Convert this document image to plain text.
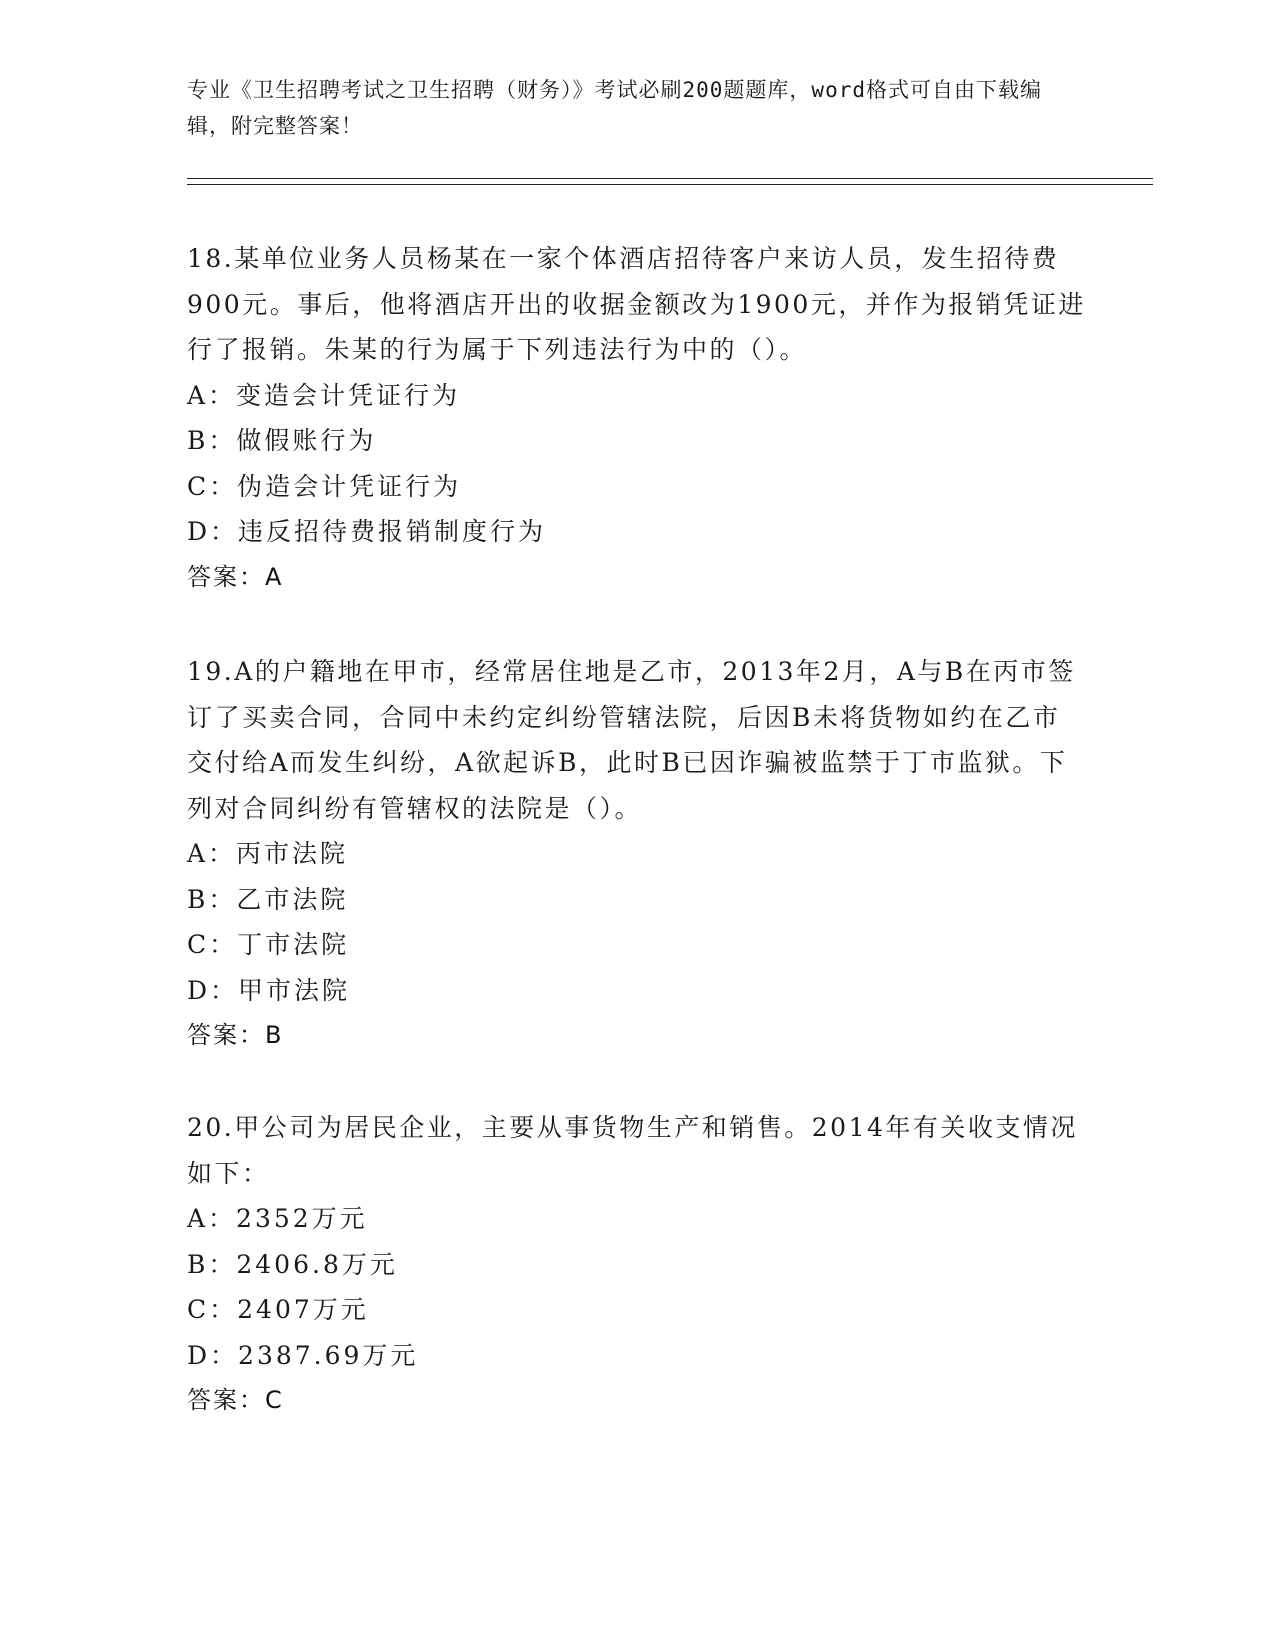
专业《卫生招聘考试之卫生招聘（财务）》考试必刷200题题库，word格式可自由下载编辑，附完整答案！

18.某单位业务人员杨某在一家个体酒店招待客户来访人员，发生招待费900元。事后，他将酒店开出的收据金额改为1900元，并作为报销凭证进行了报销。朱某的行为属于下列违法行为中的（）。

A：变造会计凭证行为

B：做假账行为

C：伪造会计凭证行为

D：违反招待费报销制度行为

答案：A

19.A的户籍地在甲市，经常居住地是乙市，2013年2月，A与B在丙市签订了买卖合同，合同中未约定纠纷管辖法院，后因B未将货物如约在乙市交付给A而发生纠纷，A欲起诉B，此时B已因诈骗被监禁于丁市监狱。下列对合同纠纷有管辖权的法院是（）。

A：丙市法院

B：乙市法院

C：丁市法院

D：甲市法院

答案：B

20.甲公司为居民企业，主要从事货物生产和销售。2014年有关收支情况如下：

A：2352万元

B：2406.8万元

C：2407万元

D：2387.69万元

答案：C
